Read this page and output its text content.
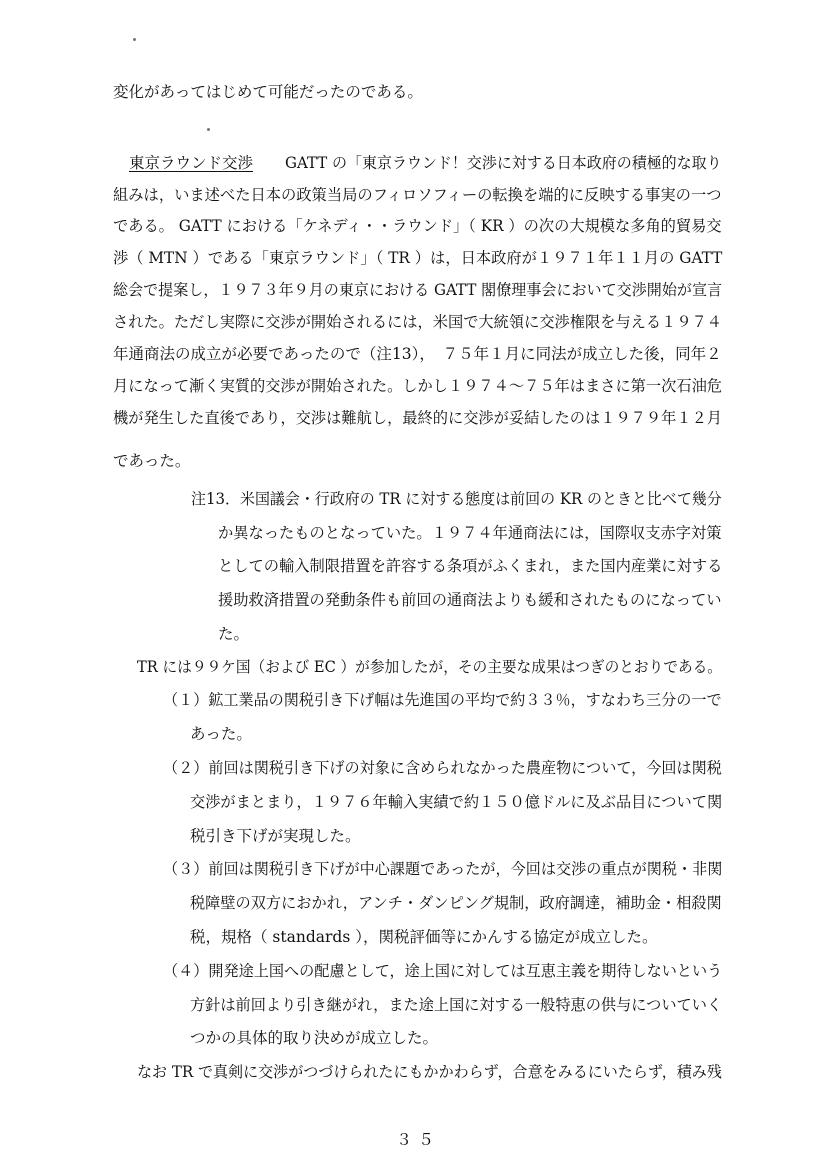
変化があってはじめて可能だったのである。
東京ラウンド交渉 GATT の「東京ラウンド！交渉に対する日本政府の積極的な取り
組みは，いま述べた日本の政策当局のフィロソフィーの転換を端的に反映する事実の一つ
である。 GATT における「ケネディ・・ラウンド」（ KR ）の次の大規模な多角的貿易交
渉（ MTN ）である「東京ラウンド」（ TR ）は，日本政府が１９７１年１１月の GATT
総会で提案し，１９７３年９月の東京における GATT 閣僚理事会において交渉開始が宣言
された。ただし実際に交渉が開始されるには，米国で大統領に交渉権限を与える１９７４
年通商法の成立が必要であったので（注13），　７５年１月に同法が成立した後，同年２
月になって漸く実質的交渉が開始された。しかし１９７４～７５年はまさに第一次石油危
機が発生した直後であり，交渉は難航し，最終的に交渉が妥結したのは１９７９年１２月
であった。
注13．米国議会・行政府の TR に対する態度は前回の KR のときと比べて幾分
か異なったものとなっていた。１９７４年通商法には，国際収支赤字対策
としての輸入制限措置を許容する条項がふくまれ，また国内産業に対する
援助救済措置の発動条件も前回の通商法よりも緩和されたものになってい
た。
TR には９９ケ国（および EC ）が参加したが，その主要な成果はつぎのとおりである。
（１）鉱工業品の関税引き下げ幅は先進国の平均で約３３％，すなわち三分の一で
あった。
（２）前回は関税引き下げの対象に含められなかった農産物について，今回は関税
交渉がまとまり，１９７６年輸入実績で約１５０億ドルに及ぶ品目について関
税引き下げが実現した。
（３）前回は関税引き下げが中心課題であったが，今回は交渉の重点が関税・非関
税障壁の双方におかれ，アンチ・ダンピング規制，政府調達，補助金・相殺関
税，規格（ standards ），関税評価等にかんする協定が成立した。
（４）開発途上国への配慮として，途上国に対しては互恵主義を期待しないという
方針は前回より引き継がれ，また途上国に対する一般特恵の供与についていく
つかの具体的取り決めが成立した。
なお TR で真剣に交渉がつづけられたにもかかわらず，合意をみるにいたらず，積み残
３５
